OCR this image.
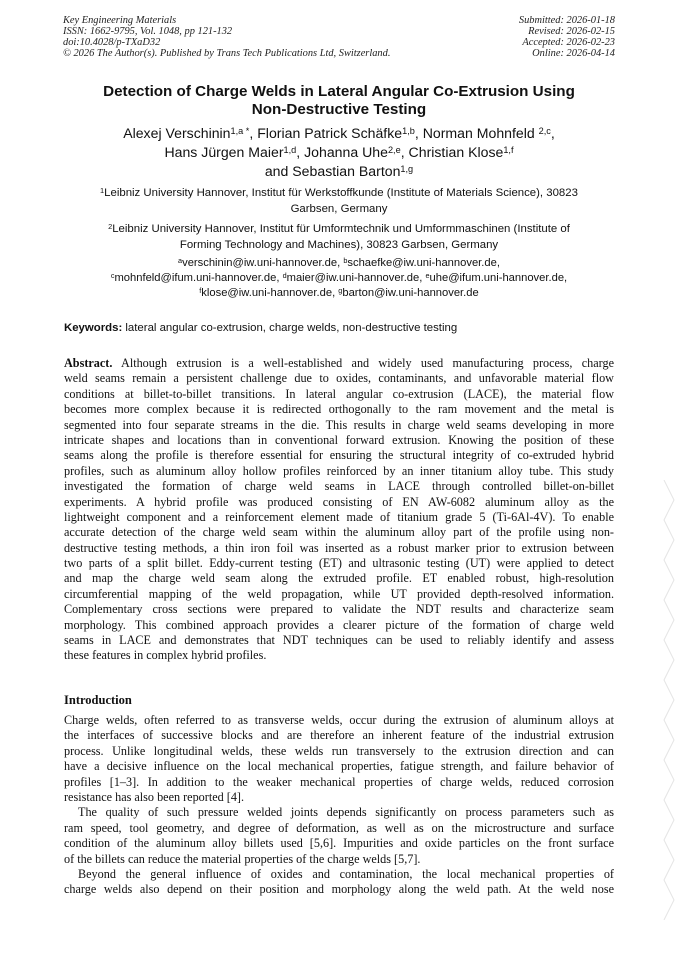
Key Engineering Materials
ISSN: 1662-9795, Vol. 1048, pp 121-132
doi:10.4028/p-TXaD32
© 2026 The Author(s). Published by Trans Tech Publications Ltd, Switzerland.
Submitted: 2026-01-18
Revised: 2026-02-15
Accepted: 2026-02-23
Online: 2026-04-14
Detection of Charge Welds in Lateral Angular Co-Extrusion Using
Non-Destructive Testing
Alexej Verschinin$^{1,a *}$, Florian Patrick Schäfke$^{1,b}$, Norman Mohnfeld $^{2,c}$,
Hans Jürgen Maier$^{1,d}$, Johanna Uhe$^{2,e}$, Christian Klose$^{1,f}$
and Sebastian Barton$^{1,g}$
$^1$Leibniz University Hannover, Institut für Werkstoffkunde (Institute of Materials Science), 30823
Garbsen, Germany
$^2$Leibniz University Hannover, Institut für Umformtechnik und Umformmaschinen (Institute of
Forming Technology and Machines), 30823 Garbsen, Germany
$^a$verschinin@iw.uni-hannover.de, $^b$schaefke@iw.uni-hannover.de,
$^c$mohnfeld@ifum.uni-hannover.de, $^d$maier@iw.uni-hannover.de, $^e$uhe@ifum.uni-hannover.de,
$^f$klose@iw.uni-hannover.de, $^g$barton@iw.uni-hannover.de
Keywords: lateral angular co-extrusion, charge welds, non-destructive testing
Abstract. Although extrusion is a well-established and widely used manufacturing process, charge
weld seams remain a persistent challenge due to oxides, contaminants, and unfavorable material flow
conditions at billet-to-billet transitions. In lateral angular co-extrusion (LACE), the material flow
becomes more complex because it is redirected orthogonally to the ram movement and the metal is
segmented into four separate streams in the die. This results in charge weld seams developing in more
intricate shapes and locations than in conventional forward extrusion. Knowing the position of these
seams along the profile is therefore essential for ensuring the structural integrity of co-extruded hybrid
profiles, such as aluminum alloy hollow profiles reinforced by an inner titanium alloy tube. This study
investigated the formation of charge weld seams in LACE through controlled billet-on-billet
experiments. A hybrid profile was produced consisting of EN AW-6082 aluminum alloy as the
lightweight component and a reinforcement element made of titanium grade 5 (Ti-6Al-4V). To enable
accurate detection of the charge weld seam within the aluminum alloy part of the profile using non-
destructive testing methods, a thin iron foil was inserted as a robust marker prior to extrusion between
two parts of a split billet. Eddy-current testing (ET) and ultrasonic testing (UT) were applied to detect
and map the charge weld seam along the extruded profile. ET enabled robust, high-resolution
circumferential mapping of the weld propagation, while UT provided depth-resolved information.
Complementary cross sections were prepared to validate the NDT results and characterize seam
morphology. This combined approach provides a clearer picture of the formation of charge weld
seams in LACE and demonstrates that NDT techniques can be used to reliably identify and assess
these features in complex hybrid profiles.
Introduction
Charge welds, often referred to as transverse welds, occur during the extrusion of aluminum alloys at
the interfaces of successive blocks and are therefore an inherent feature of the industrial extrusion
process. Unlike longitudinal welds, these welds run transversely to the extrusion direction and can
have a decisive influence on the local mechanical properties, fatigue strength, and failure behavior of
profiles [1–3]. In addition to the weaker mechanical properties of charge welds, reduced corrosion
resistance has also been reported [4].
The quality of such pressure welded joints depends significantly on process parameters such as
ram speed, tool geometry, and degree of deformation, as well as on the microstructure and surface
condition of the aluminum alloy billets used [5,6]. Impurities and oxide particles on the front surface
of the billets can reduce the material properties of the charge welds [5,7].
Beyond the general influence of oxides and contamination, the local mechanical properties of
charge welds also depend on their position and morphology along the weld path. At the weld nose
